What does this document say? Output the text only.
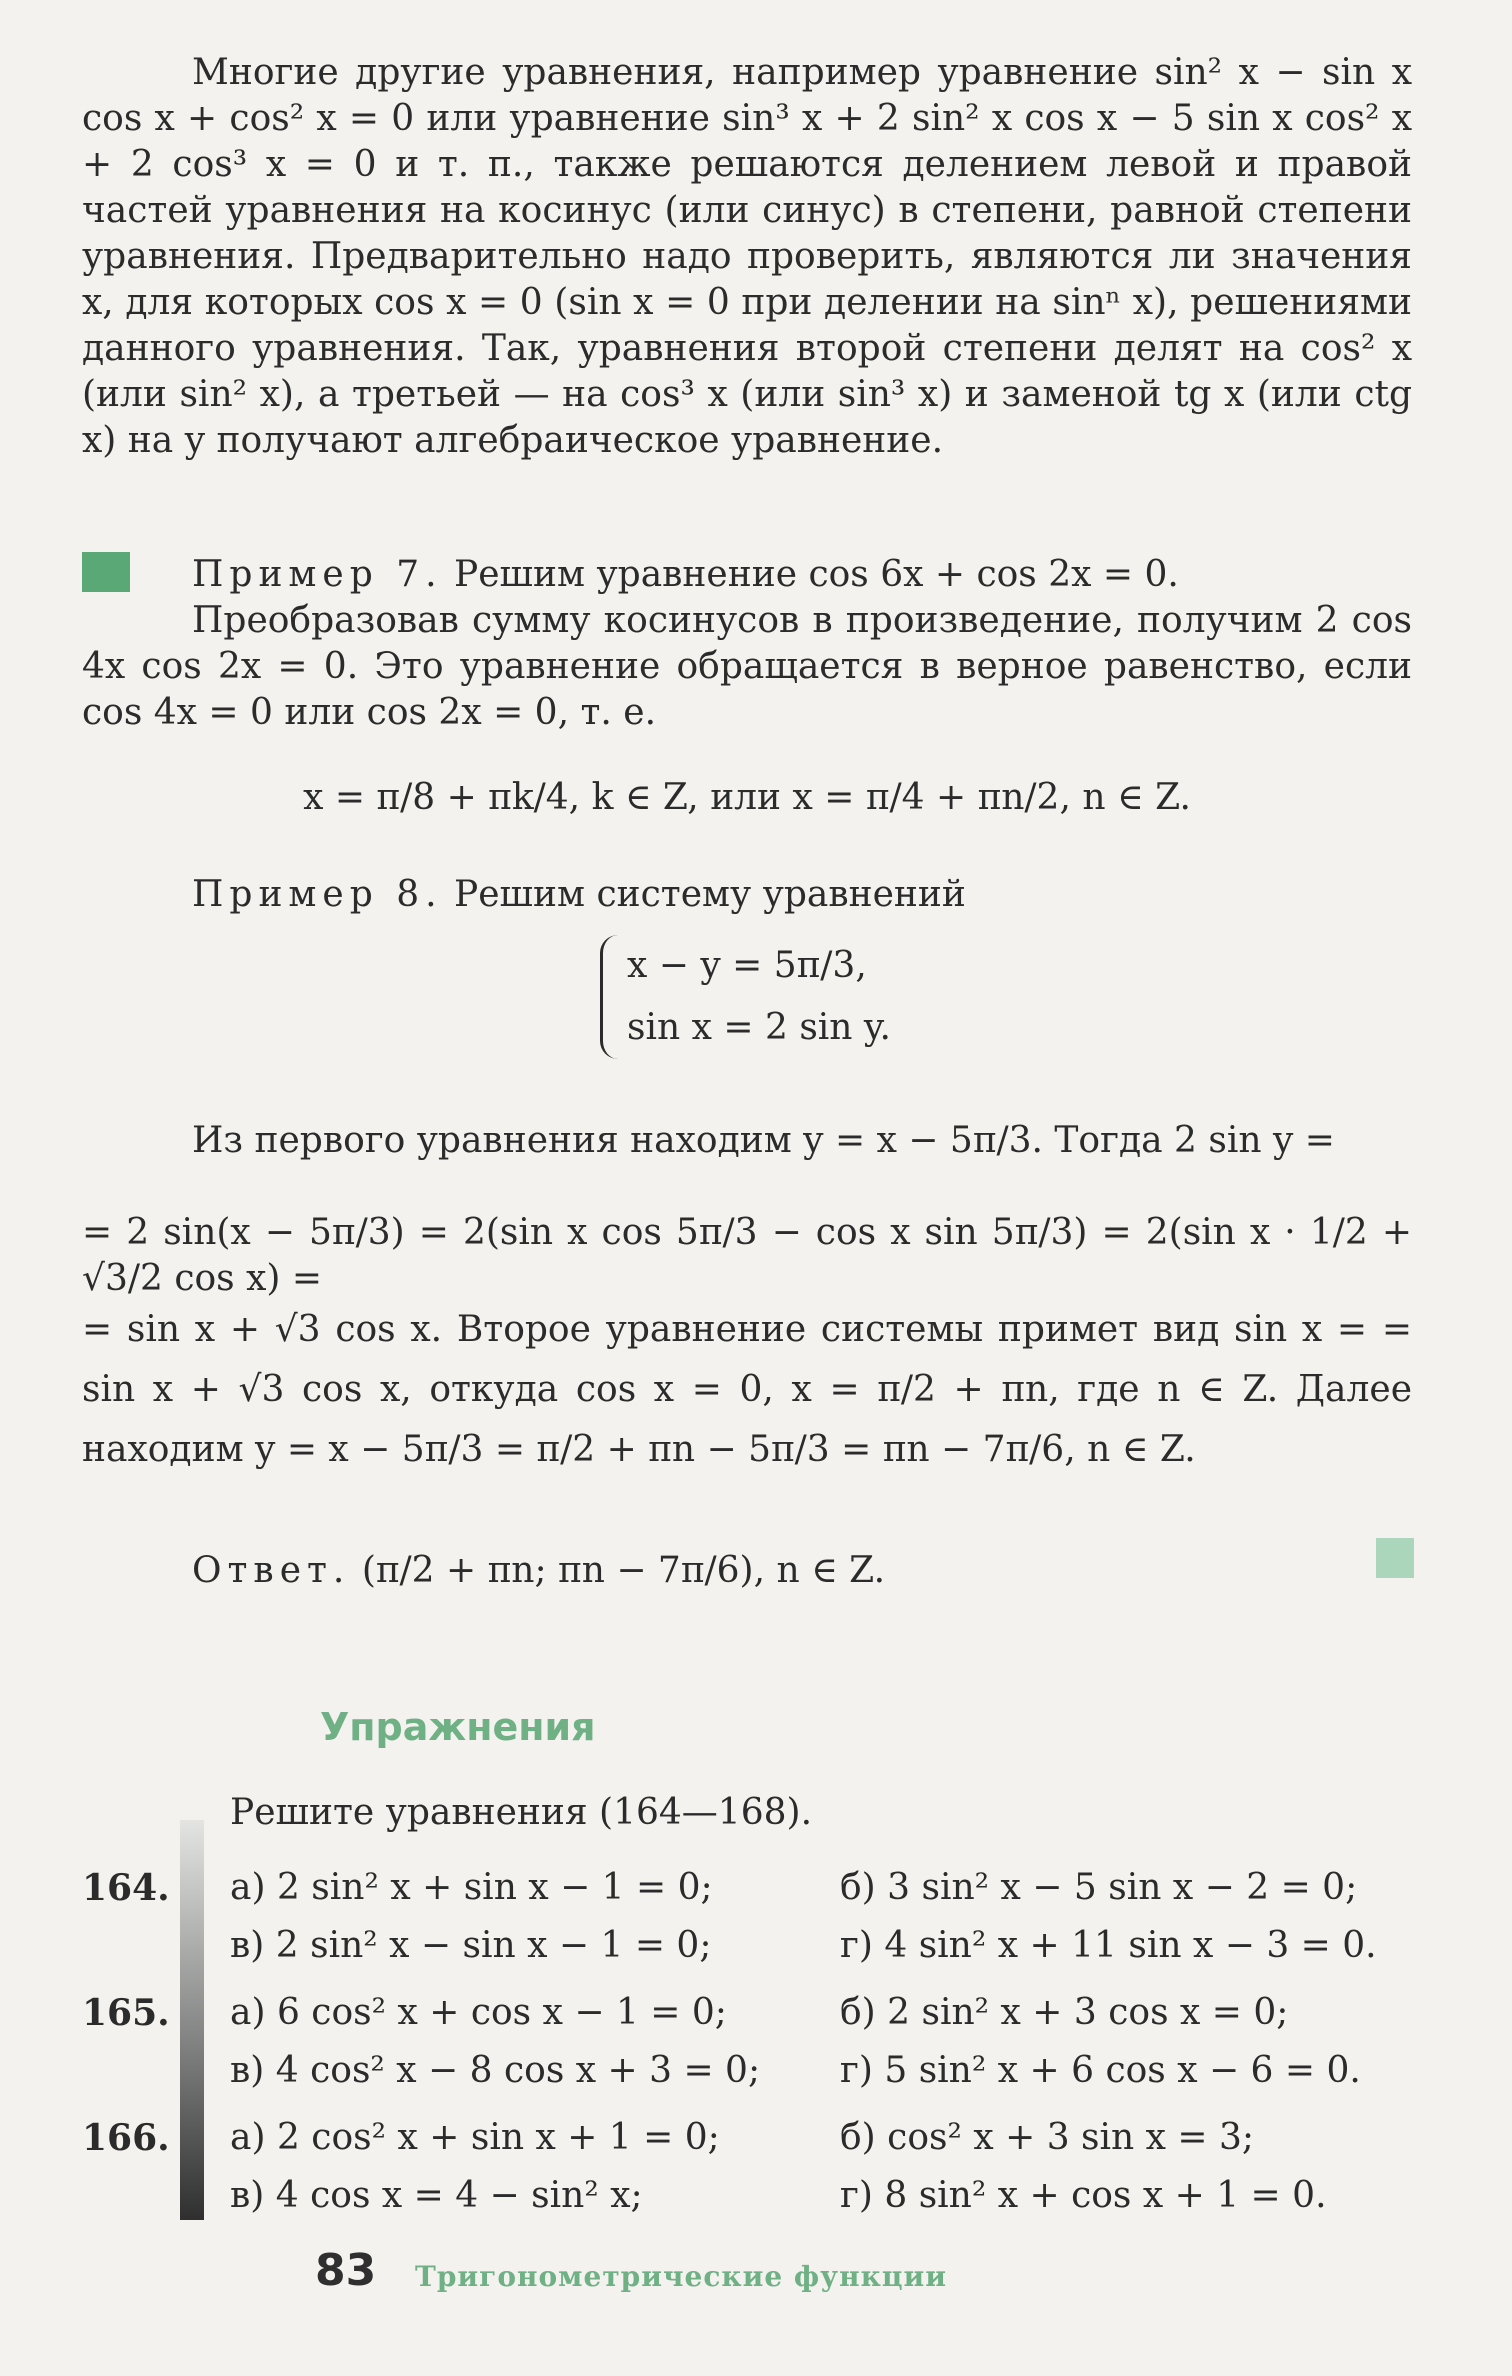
Многие другие уравнения, например уравнение sin² x − sin x cos x + cos² x = 0 или уравнение sin³ x + 2 sin² x cos x − 5 sin x cos² x + 2 cos³ x = 0 и т. п., также решаются делением левой и правой частей уравнения на косинус (или синус) в степени, равной степени уравнения. Предварительно надо проверить, являются ли значения x, для которых cos x = 0 (sin x = 0 при делении на sinⁿ x), решениями данного уравнения. Так, уравнения второй степени делят на cos² x (или sin² x), а третьей — на cos³ x (или sin³ x) и заменой tg x (или ctg x) на y получают алгебраическое уравнение.
Пример 7. Решим уравнение cos 6x + cos 2x = 0.
Преобразовав сумму косинусов в произведение, получим 2 cos 4x cos 2x = 0. Это уравнение обращается в верное равенство, если cos 4x = 0 или cos 2x = 0, т. е.
x = π/8 + πk/4, k ∈ Z, или x = π/4 + πn/2, n ∈ Z.
Пример 8. Решим систему уравнений
x − y = 5π/3,
sin x = 2 sin y.
Из первого уравнения находим y = x − 5π/3. Тогда 2 sin y =
= 2 sin(x − 5π/3) = 2(sin x cos 5π/3 − cos x sin 5π/3) = 2(sin x · 1/2 + √3/2 cos x) =
= sin x + √3 cos x. Второе уравнение системы примет вид sin x = = sin x + √3 cos x, откуда cos x = 0, x = π/2 + πn, где n ∈ Z. Далее находим y = x − 5π/3 = π/2 + πn − 5π/3 = πn − 7π/6, n ∈ Z.
Ответ. (π/2 + πn; πn − 7π/6), n ∈ Z.
Упражнения
Решите уравнения (164—168).
164. а) 2 sin² x + sin x − 1 = 0;	б) 3 sin² x − 5 sin x − 2 = 0;
в) 2 sin² x − sin x − 1 = 0;	г) 4 sin² x + 11 sin x − 3 = 0.
165. а) 6 cos² x + cos x − 1 = 0;	б) 2 sin² x + 3 cos x = 0;
в) 4 cos² x − 8 cos x + 3 = 0; г) 5 sin² x + 6 cos x − 6 = 0.
166. а) 2 cos² x + sin x + 1 = 0;	б) cos² x + 3 sin x = 3;
в) 4 cos x = 4 − sin² x;	г) 8 sin² x + cos x + 1 = 0.
83 Тригонометрические функции
